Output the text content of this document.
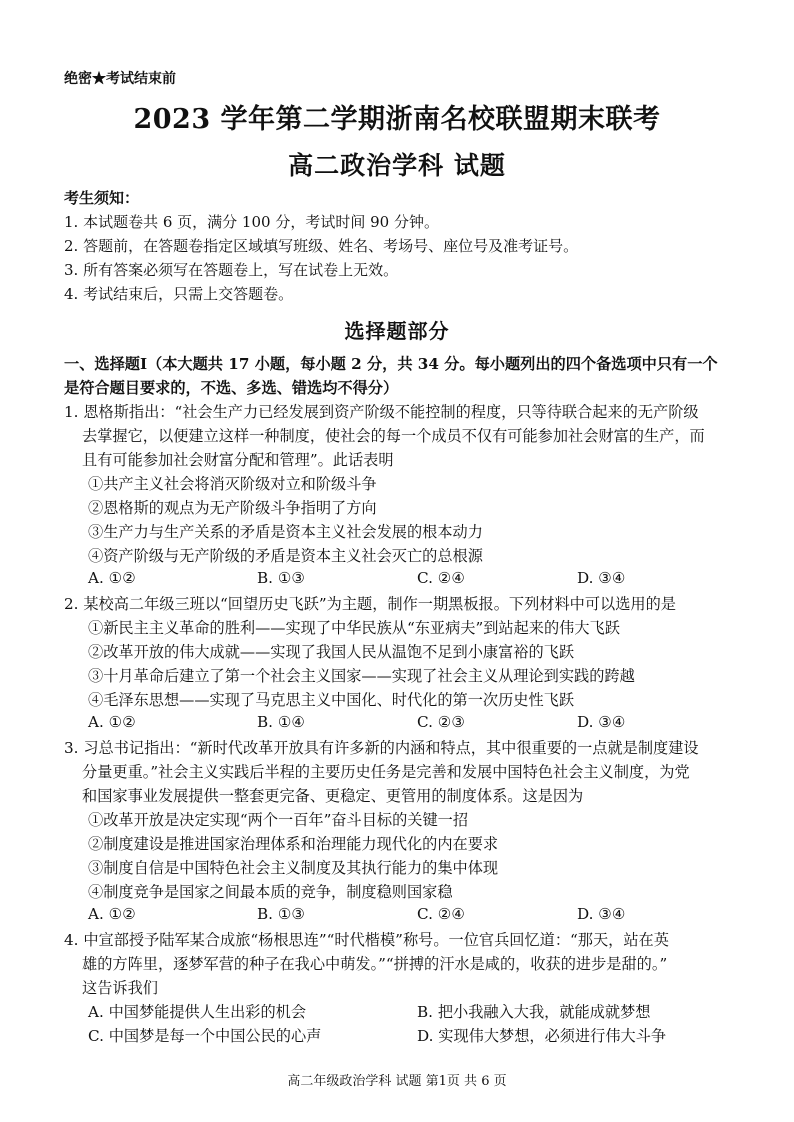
绝密★考试结束前
2023 学年第二学期浙南名校联盟期末联考
高二政治学科 试题
考生须知：
1. 本试题卷共 6 页，满分 100 分，考试时间 90 分钟。
2. 答题前，在答题卷指定区域填写班级、姓名、考场号、座位号及准考证号。
3. 所有答案必须写在答题卷上，写在试卷上无效。
4. 考试结束后，只需上交答题卷。
选择题部分
一、选择题Ⅰ（本大题共 17 小题，每小题 2 分，共 34 分。每小题列出的四个备选项中只有一个
是符合题目要求的，不选、多选、错选均不得分）
1. 恩格斯指出：“社会生产力已经发展到资产阶级不能控制的程度，只等待联合起来的无产阶级
去掌握它，以便建立这样一种制度，使社会的每一个成员不仅有可能参加社会财富的生产，而
且有可能参加社会财富分配和管理”。此话表明
①共产主义社会将消灭阶级对立和阶级斗争
②恩格斯的观点为无产阶级斗争指明了方向
③生产力与生产关系的矛盾是资本主义社会发展的根本动力
④资产阶级与无产阶级的矛盾是资本主义社会灭亡的总根源
A. ①②	B. ①③	C. ②④	D. ③④
2. 某校高二年级三班以“回望历史飞跃”为主题，制作一期黑板报。下列材料中可以选用的是
①新民主主义革命的胜利——实现了中华民族从“东亚病夫”到站起来的伟大飞跃
②改革开放的伟大成就——实现了我国人民从温饱不足到小康富裕的飞跃
③十月革命后建立了第一个社会主义国家——实现了社会主义从理论到实践的跨越
④毛泽东思想——实现了马克思主义中国化、时代化的第一次历史性飞跃
A. ①②	B. ①④	C. ②③	D. ③④
3. 习总书记指出：“新时代改革开放具有许多新的内涵和特点，其中很重要的一点就是制度建设
分量更重。”社会主义实践后半程的主要历史任务是完善和发展中国特色社会主义制度，为党
和国家事业发展提供一整套更完备、更稳定、更管用的制度体系。这是因为
①改革开放是决定实现“两个一百年”奋斗目标的关键一招
②制度建设是推进国家治理体系和治理能力现代化的内在要求
③制度自信是中国特色社会主义制度及其执行能力的集中体现
④制度竞争是国家之间最本质的竞争，制度稳则国家稳
A. ①②	B. ①③	C. ②④	D. ③④
4. 中宣部授予陆军某合成旅“杨根思连”“时代楷模”称号。一位官兵回忆道：“那天，站在英
雄的方阵里，逐梦军营的种子在我心中萌发。”“拼搏的汗水是咸的，收获的进步是甜的。”
这告诉我们
A. 中国梦能提供人生出彩的机会	B. 把小我融入大我，就能成就梦想
C. 中国梦是每一个中国公民的心声	D. 实现伟大梦想，必须进行伟大斗争
高二年级政治学科 试题 第1页 共 6 页
